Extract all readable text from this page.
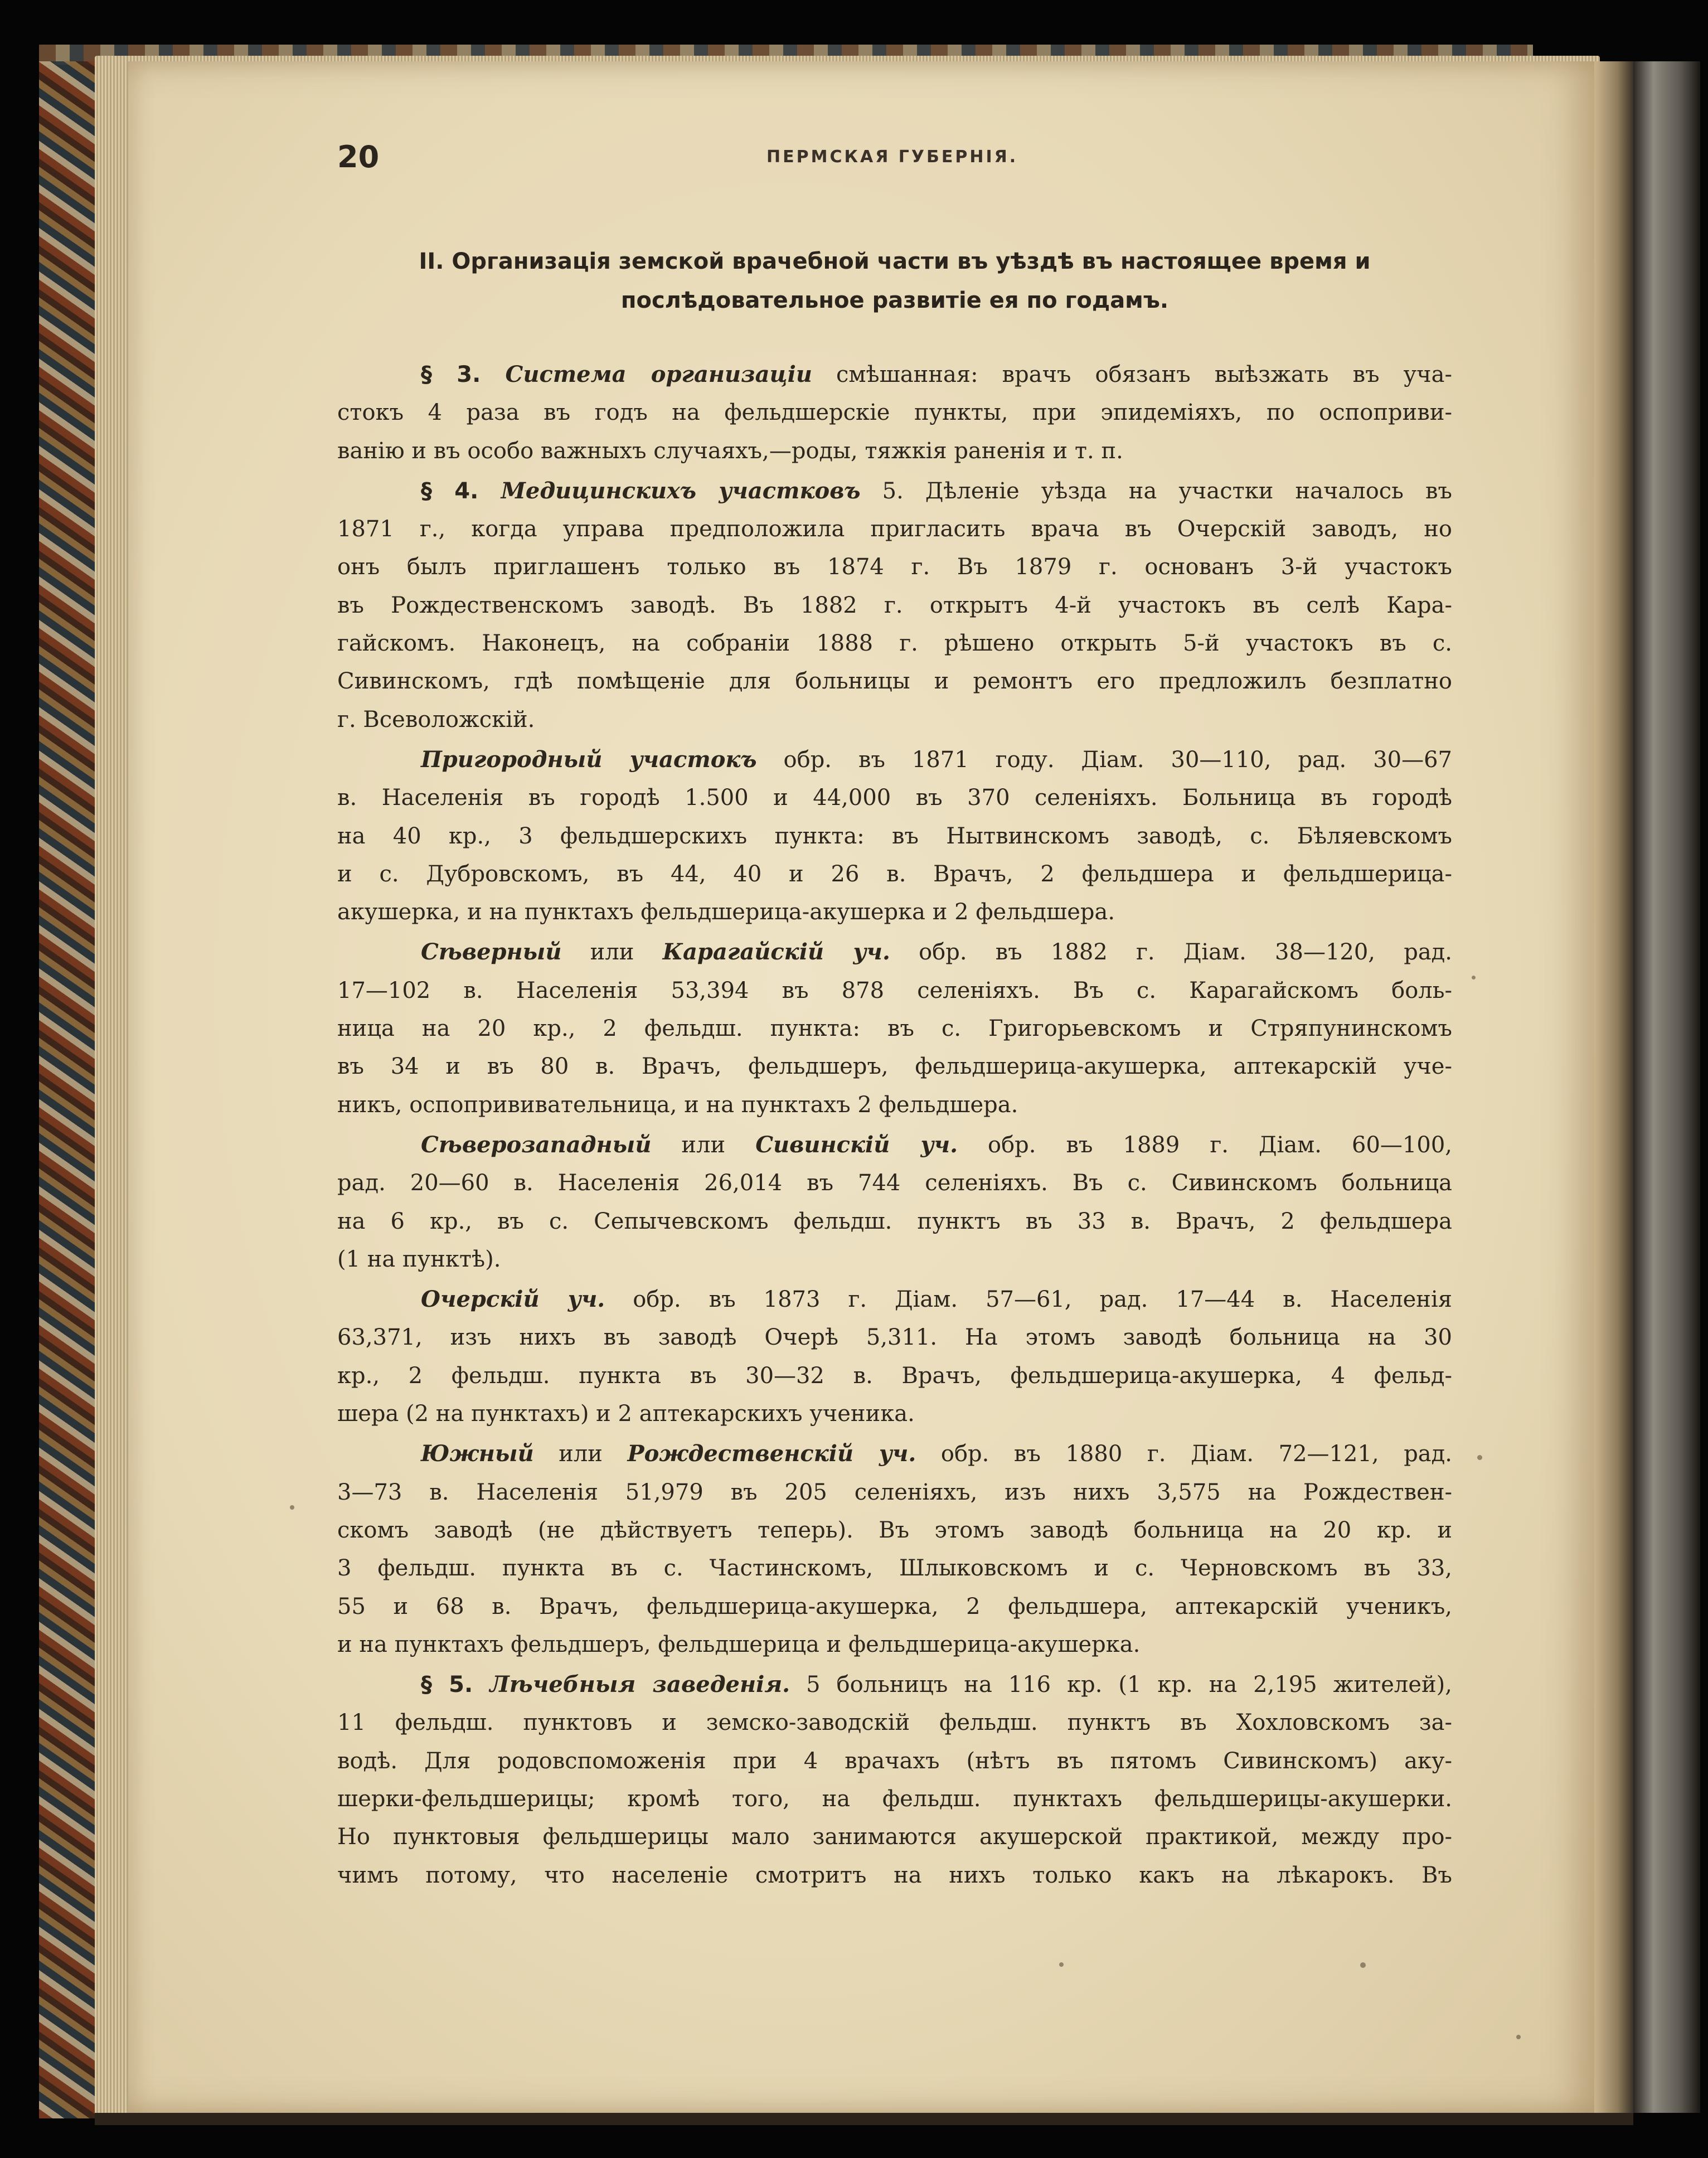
20	ПЕРМСКАЯ ГУБЕРНІЯ.
II. Организація земской врачебной части въ уѣздѣ въ настоящее время и
послѣдовательное развитіе ея по годамъ.
§ 3. Система организаціи смѣшанная: врачъ обязанъ выѣзжать въ уча-
стокъ 4 раза въ годъ на фельдшерскіе пункты, при эпидеміяхъ, по оспоприви-
ванію и въ особо важныхъ случаяхъ,—роды, тяжкія раненія и т. п.
§ 4. Медицинскихъ участковъ 5. Дѣленіе уѣзда на участки началось въ
1871 г., когда управа предположила пригласить врача въ Очерскій заводъ, но
онъ былъ приглашенъ только въ 1874 г. Въ 1879 г. основанъ 3-й участокъ
въ Рождественскомъ заводѣ. Въ 1882 г. открытъ 4-й участокъ въ селѣ Кара-
гайскомъ. Наконецъ, на собраніи 1888 г. рѣшено открыть 5-й участокъ въ с.
Сивинскомъ, гдѣ помѣщеніе для больницы и ремонтъ его предложилъ безплатно
г. Всеволожскій.
Пригородный участокъ обр. въ 1871 году. Діам. 30—110, рад. 30—67
в. Населенія въ городѣ 1.500 и 44,000 въ 370 селеніяхъ. Больница въ городѣ
на 40 кр., 3 фельдшерскихъ пункта: въ Нытвинскомъ заводѣ, с. Бѣляевскомъ
и с. Дубровскомъ, въ 44, 40 и 26 в. Врачъ, 2 фельдшера и фельдшерица-
акушерка, и на пунктахъ фельдшерица-акушерка и 2 фельдшера.
Сѣверный или Карагайскій уч. обр. въ 1882 г. Діам. 38—120, рад.
17—102 в. Населенія 53,394 въ 878 селеніяхъ. Въ с. Карагайскомъ боль-
ница на 20 кр., 2 фельдш. пункта: въ с. Григорьевскомъ и Стряпунинскомъ
въ 34 и въ 80 в. Врачъ, фельдшеръ, фельдшерица-акушерка, аптекарскій уче-
никъ, оспопрививательница, и на пунктахъ 2 фельдшера.
Сѣверозападный или Сивинскій уч. обр. въ 1889 г. Діам. 60—100,
рад. 20—60 в. Населенія 26,014 въ 744 селеніяхъ. Въ с. Сивинскомъ больница
на 6 кр., въ с. Сепычевскомъ фельдш. пунктъ въ 33 в. Врачъ, 2 фельдшера
(1 на пунктѣ).
Очерскій уч. обр. въ 1873 г. Діам. 57—61, рад. 17—44 в. Населенія
63,371, изъ нихъ въ заводѣ Очерѣ 5,311. На этомъ заводѣ больница на 30
кр., 2 фельдш. пункта въ 30—32 в. Врачъ, фельдшерица-акушерка, 4 фельд-
шера (2 на пунктахъ) и 2 аптекарскихъ ученика.
Южный или Рождественскій уч. обр. въ 1880 г. Діам. 72—121, рад.
3—73 в. Населенія 51,979 въ 205 селеніяхъ, изъ нихъ 3,575 на Рождествен-
скомъ заводѣ (не дѣйствуетъ теперь). Въ этомъ заводѣ больница на 20 кр. и
3 фельдш. пункта въ с. Частинскомъ, Шлыковскомъ и с. Черновскомъ въ 33,
55 и 68 в. Врачъ, фельдшерица-акушерка, 2 фельдшера, аптекарскій ученикъ,
и на пунктахъ фельдшеръ, фельдшерица и фельдшерица-акушерка.
§ 5. Лѣчебныя заведенія. 5 больницъ на 116 кр. (1 кр. на 2,195 жителей),
11 фельдш. пунктовъ и земско-заводскій фельдш. пунктъ въ Хохловскомъ за-
водѣ. Для родовспоможенія при 4 врачахъ (нѣтъ въ пятомъ Сивинскомъ) аку-
шерки-фельдшерицы; кромѣ того, на фельдш. пунктахъ фельдшерицы-акушерки.
Но пунктовыя фельдшерицы мало занимаются акушерской практикой, между про-
чимъ потому, что населеніе смотритъ на нихъ только какъ на лѣкарокъ. Въ
